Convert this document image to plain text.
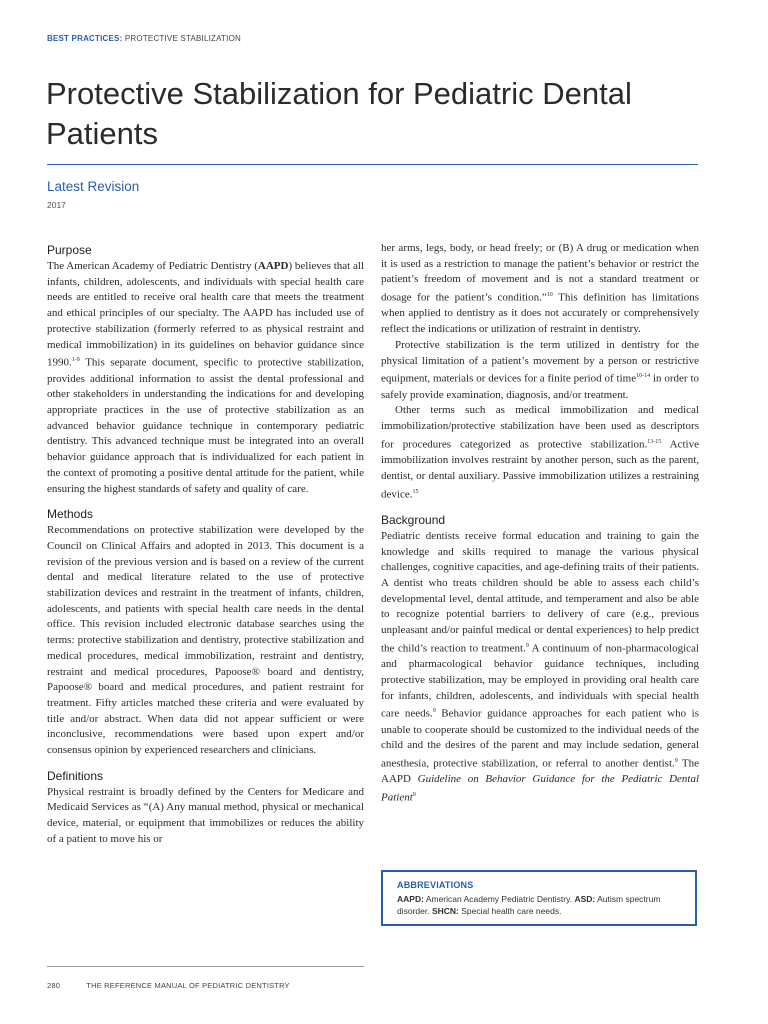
BEST PRACTICES: PROTECTIVE STABILIZATION
Protective Stabilization for Pediatric Dental Patients
Latest Revision
2017
Purpose

The American Academy of Pediatric Dentistry (AAPD) believes that all infants, children, adolescents, and individuals with special health care needs are entitled to receive oral health care that meets the treatment and ethical principles of our specialty. The AAPD has included use of protective stabilization (formerly referred to as physical restraint and medical immobilization) in its guidelines on behavior guidance since 1990.$^{1-9}$ This separate document, specific to protective stabilization, provides additional information to assist the dental professional and other stakeholders in understanding the indications for and developing appropriate practices in the use of protective stabilization as an advanced behavior guidance technique in contemporary pediatric dentistry. This advanced technique must be integrated into an overall behavior guidance approach that is individualized for each patient in the context of promoting a positive dental attitude for the patient, while ensuring the highest standards of safety and quality of care.

Methods

Recommendations on protective stabilization were developed by the Council on Clinical Affairs and adopted in 2013. This document is a revision of the previous version and is based on a review of the current dental and medical literature related to the use of protective stabilization devices and restraint in the treatment of infants, children, adolescents, and patients with special health care needs in the dental office. This revision included electronic database searches using the terms: protective stabilization and dentistry, protective stabilization and medical procedures, medical immobilization, restraint and dentistry, restraint and medical procedures, Papoose® board and dentistry, Papoose® board and medical procedures, and patient restraint for treatment. Fifty articles matched these criteria and were evaluated by title and/or abstract. When data did not appear sufficient or were inconclusive, recommendations were based upon expert and/or consensus opinion by experienced researchers and clinicians.

Definitions

Physical restraint is broadly defined by the Centers for Medicare and Medicaid Services as “(A) Any manual method, physical or mechanical device, material, or equipment that immobilizes or reduces the ability of a patient to move his or

her arms, legs, body, or head freely; or (B) A drug or medication when it is used as a restriction to manage the patient’s behavior or restrict the patient’s freedom of movement and is not a standard treatment or dosage for the patient’s condition.”$^{10}$ This definition has limitations when applied to dentistry as it does not accurately or comprehensively reflect the indications or utilization of restraint in dentistry.

Protective stabilization is the term utilized in dentistry for the physical limitation of a patient’s movement by a person or restrictive equipment, materials or devices for a finite period of time$^{10-14}$ in order to safely provide examination, diagnosis, and/or treatment.

Other terms such as medical immobilization and medical immobilization/protective stabilization have been used as descriptors for procedures categorized as protective stabilization.$^{13-15}$ Active immobilization involves restraint by another person, such as the parent, dentist, or dental auxiliary. Passive immobilization utilizes a restraining device.$^{15}$

Background

Pediatric dentists receive formal education and training to gain the knowledge and skills required to manage the various physical challenges, cognitive capacities, and age-defining traits of their patients. A dentist who treats children should be able to assess each child’s developmental level, dental attitude, and temperament and also be able to recognize potential barriers to delivery of care (e.g., previous unpleasant and/or painful medical or dental experiences) to help predict the child’s reaction to treatment.$^9$ A continuum of non-pharmacological and pharmacological behavior guidance techniques, including protective stabilization, may be employed in providing oral health care for infants, children, adolescents, and individuals with special health care needs.$^9$ Behavior guidance approaches for each patient who is unable to cooperate should be customized to the individual needs of the child and the desires of the parent and may include sedation, general anesthesia, protective stabilization, or referral to another dentist.$^9$ The AAPD Guideline on Behavior Guidance for the Pediatric Dental Patient$^9$

ABBREVIATIONS
AAPD: American Academy Pediatric Dentistry. ASD: Autism spectrum disorder. SHCN: Special health care needs.
280	THE REFERENCE MANUAL OF PEDIATRIC DENTISTRY
